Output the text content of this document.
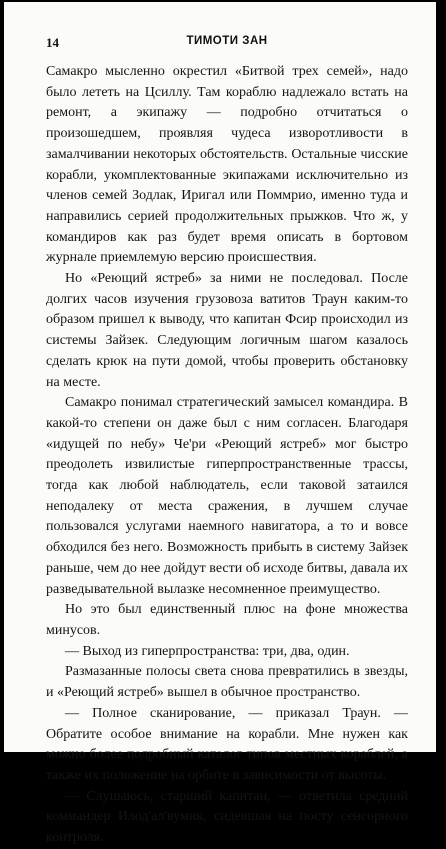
14	ТИМОТИ ЗАН

Самакро мысленно окрестил «Битвой трех семей», надо было лететь на Цсиллу. Там кораблю надлежало встать на ремонт, а экипажу — подробно отчитаться о произошедшем, проявляя чудеса изворотливости в замалчивании некоторых обстоятельств. Остальные чисские корабли, укомплектованные экипажами исключительно из членов семей Зодлак, Иригал или Поммрио, именно туда и направились серией продолжительных прыжков. Что ж, у командиров как раз будет время описать в бортовом журнале приемлемую версию происшествия.

Но «Реющий ястреб» за ними не последовал. После долгих часов изучения грузовоза ватитов Траун каким-то образом пришел к выводу, что капитан Фсир происходил из системы Зайзек. Следующим логичным шагом казалось сделать крюк на пути домой, чтобы проверить обстановку на месте.

Самакро понимал стратегический замысел командира. В какой-то степени он даже был с ним согласен. Благодаря «идущей по небу» Че'ри «Реющий ястреб» мог быстро преодолеть извилистые гиперпространственные трассы, тогда как любой наблюдатель, если таковой затаился неподалеку от места сражения, в лучшем случае пользовался услугами наемного навигатора, а то и вовсе обходился без него. Возможность прибыть в систему Зайзек раньше, чем до нее дойдут вести об исходе битвы, давала их разведывательной вылазке несомненное преимущество.

Но это был единственный плюс на фоне множества минусов.

— Выход из гиперпространства: три, два, один.

Размазанные полосы света снова превратились в звезды, и «Реющий ястреб» вышел в обычное пространство.

— Полное сканирование, — приказал Траун. — Обратите особое внимание на корабли. Мне нужен как можно более подробный каталог типов местных кораблей, а также их положение на орбите в зависимости от высоты.

— Слушаюсь, старший капитан, — ответила средний коммандер Илод'ал'вумик, сидевшая на посту сенсорного контроля.
